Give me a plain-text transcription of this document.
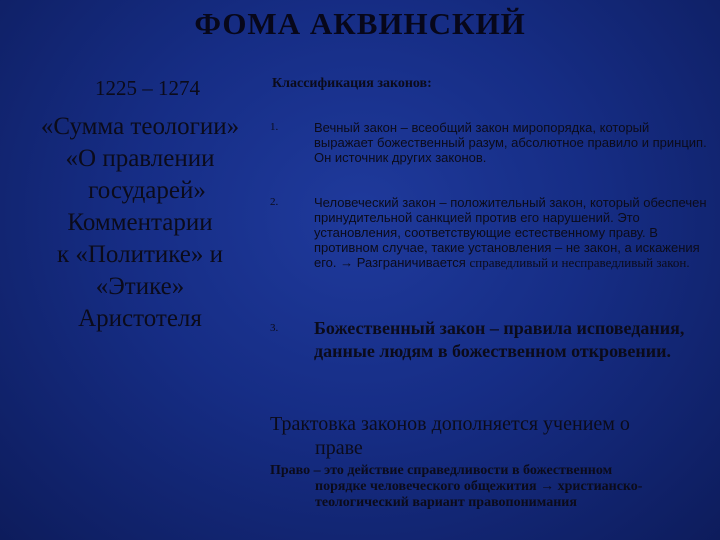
ФОМА АКВИНСКИЙ
1225 – 1274
«Сумма теологии»
«О правлении
государей»
Комментарии
к «Политике» и
«Этике»
Аристотеля
Классификация законов:
1.	Вечный закон – всеобщий закон миропорядка, который выражает божественный разум, абсолютное правило и принцип. Он источник других законов.
2.	Человеческий закон – положительный закон, который обеспечен принудительной санкцией против его нарушений. Это установления, соответствующие естественному праву. В противном случае, такие установления – не закон, а искажения его. → Разграничивается справедливый и несправедливый закон.
3. Божественный закон – правила исповедания, данные людям в божественном откровении.
Трактовка законов дополняется учением о
праве
Право – это действие справедливости в божественном
порядке человеческого общежития → христианско-
теологический вариант правопонимания
